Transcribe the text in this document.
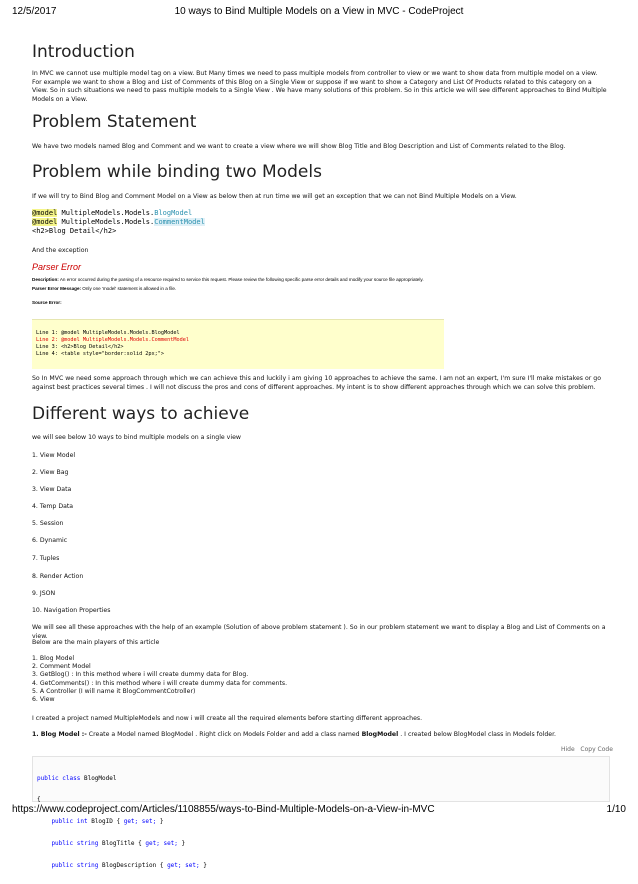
12/5/2017	10 ways to Bind Multiple Models on a View in MVC - CodeProject
Introduction

In MVC we cannot use multiple model tag on a view. But Many times we need to pass multiple models from controller to view or we want to show data from multiple model on a view. For example we want to show a Blog and List of Comments of this Blog on a Single View or suppose if we want to show a Category and List Of Products related to this category on a View. So in such situations we need to pass multiple models to a Single View . We have many solutions of this problem. So in this article we will see different approaches to Bind Multiple Models on a View.

Problem Statement

We have two models named Blog and Comment and we want to create a view where we will show Blog Title and Blog Description and List of Comments related to the Blog.

Problem while binding two Models

If we will try to Bind Blog and Comment Model on a View as below then at run time we will get an exception that we can not Bind Multiple Models on a View.

@model MultipleModels.Models.BlogModel
@model MultipleModels.Models.CommentModel
<h2>Blog Detail</h2>

And the exception

Parser Error
Description: An error occurred during the parsing of a resource required to service this request. Please review the following specific parse error details and modify your source file appropriately.
Parser Error Message: Only one 'model' statement is allowed in a file.
Source Error:
Line 1: @model MultipleModels.Models.BlogModel
Line 2: @model MultipleModels.Models.CommentModel
Line 3: <h2>Blog Detail</h2>
Line 4: <table style="border:solid 2px;">

So In MVC we need some approach through which we can achieve this and luckily i am giving 10 approaches to achieve the same. I am not an expert, I'm sure I'll make mistakes or go against best practices several times . I will not discuss the pros and cons of different approaches. My intent is to show different approaches through which we can solve this problem.

Different ways to achieve

we will see below 10 ways to bind multiple models on a single view

1. View Model
2. View Bag
3. View Data
4. Temp Data
5. Session
6. Dynamic
7. Tuples
8. Render Action
9. JSON
10. Navigation Properties

We will see all these approaches with the help of an example (Solution of above problem statement ). So in our problem statement we want to display a Blog and List of Comments on a view.

Below are the main players of this article

1. Blog Model
2. Comment Model
3. GetBlog() : In this method where i will create dummy data for Blog.
4. GetComments() : In this method where i will create dummy data for comments.
5. A Controller (I will name it BlogCommentCotroller)
6. View

I created a project named MultipleModels and now i will create all the required elements before starting different approaches.

1. Blog Model :- Create a Model named BlogModel . Right click on Models Folder and add a class named BlogModel . I created below BlogModel class in Models folder.

Hide Copy Code

public class BlogModel

{

public int BlogID { get; set; }

public string BlogTitle { get; set; }

public string BlogDescription { get; set; }

https://www.codeproject.com/Articles/1108855/ways-to-Bind-Multiple-Models-on-a-View-in-MVC	1/10
